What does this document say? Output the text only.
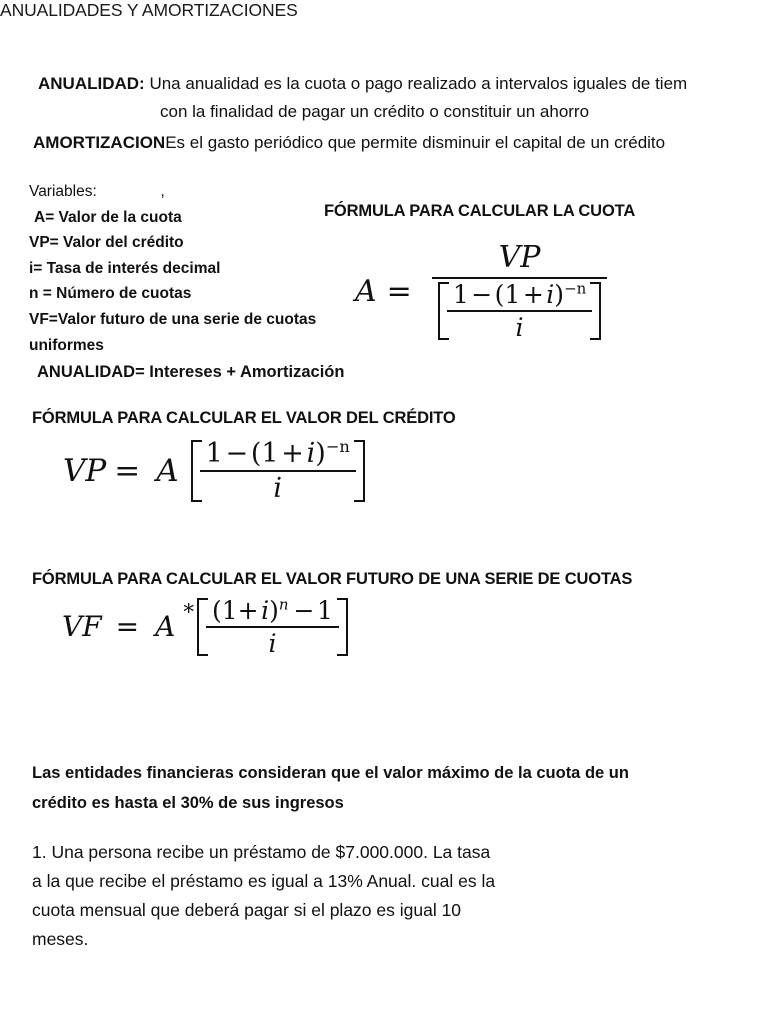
ANUALIDADES Y AMORTIZACIONES
ANUALIDAD: Una anualidad es la cuota o pago realizado a intervalos iguales de tiem
con la finalidad de pagar un crédito o constituir un ahorro
AMORTIZACIONEs el gasto periódico que permite disminuir el capital de un crédito
Variables:	,
A= Valor de la cuota
VP= Valor del crédito
i= Tasa de interés decimal
n = Número de cuotas
VF=Valor futuro de una serie de cuotas
uniformes
ANUALIDAD= Intereses + Amortización
FÓRMULA PARA CALCULAR LA CUOTA
$A = \frac{VP}{\frac{1 - (1 + i)^{-n}}{i}}$
FÓRMULA PARA CALCULAR EL VALOR DEL CRÉDITO
VP = A $\frac{1 - (1 + i)^{-n}}{i}$
FÓRMULA PARA CALCULAR EL VALOR FUTURO DE UNA SERIE DE CUOTAS
VF = A * $\frac{(1+ i)^n - 1}{i}$
Las entidades financieras consideran que el valor máximo de la cuota de un crédito es hasta el 30% de sus ingresos
1. Una persona recibe un préstamo de $7.000.000. La tasa
a la que recibe el préstamo es igual a 13% Anual. cual es la
cuota mensual que deberá pagar si el plazo es igual 10
meses.
